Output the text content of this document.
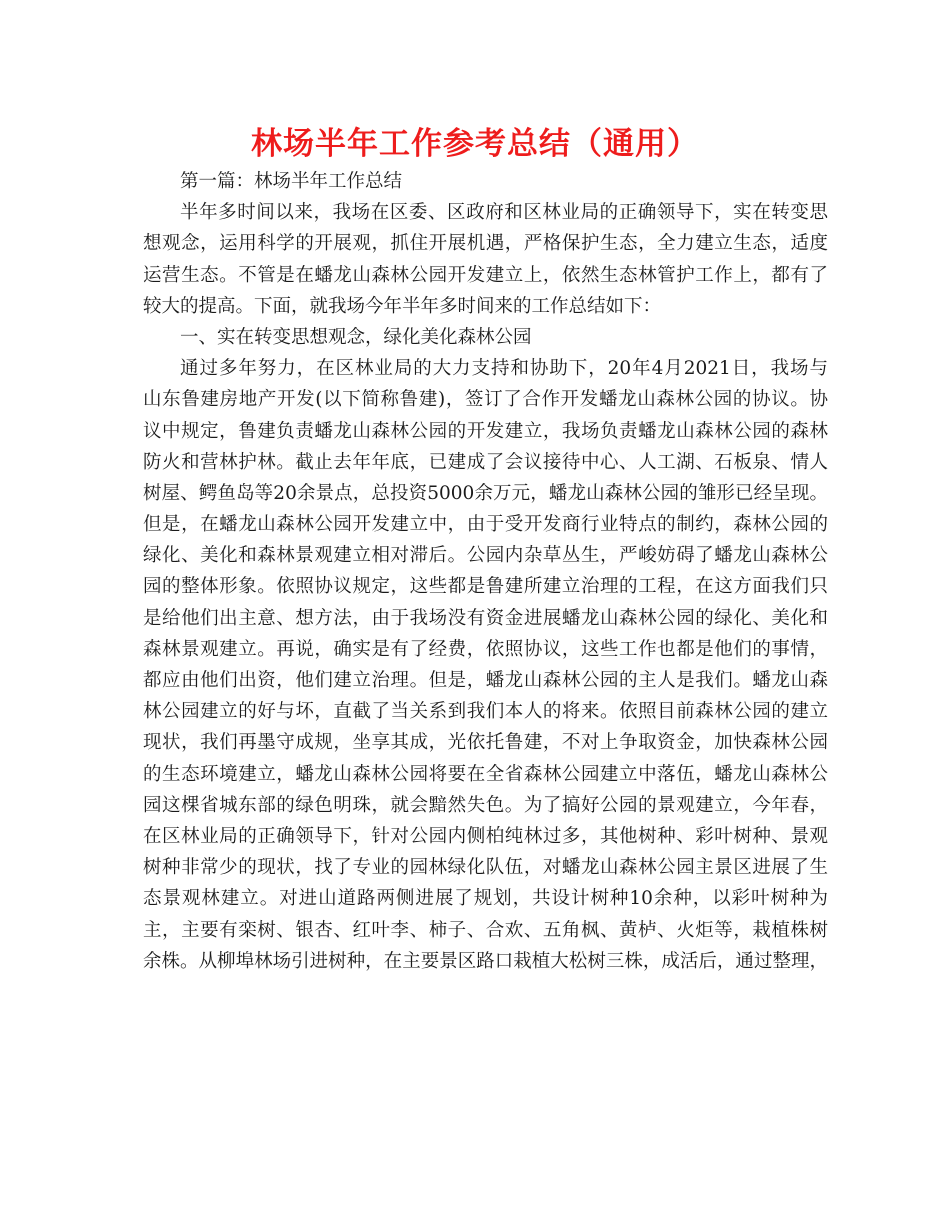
林场半年工作参考总结（通用）
第一篇：林场半年工作总结
半年多时间以来，我场在区委、区政府和区林业局的正确领导下，实在转变思
想观念，运用科学的开展观，抓住开展机遇，严格保护生态，全力建立生态，适度
运营生态。不管是在蟠龙山森林公园开发建立上，依然生态林管护工作上，都有了
较大的提高。下面，就我场今年半年多时间来的工作总结如下：
一、实在转变思想观念，绿化美化森林公园
通过多年努力，在区林业局的大力支持和协助下，20年4月2021日，我场与
山东鲁建房地产开发(以下简称鲁建)，签订了合作开发蟠龙山森林公园的协议。协
议中规定，鲁建负责蟠龙山森林公园的开发建立，我场负责蟠龙山森林公园的森林
防火和营林护林。截止去年年底，已建成了会议接待中心、人工湖、石板泉、情人
树屋、鳄鱼岛等20余景点，总投资5000余万元，蟠龙山森林公园的雏形已经呈现。
但是，在蟠龙山森林公园开发建立中，由于受开发商行业特点的制约，森林公园的
绿化、美化和森林景观建立相对滞后。公园内杂草丛生，严峻妨碍了蟠龙山森林公
园的整体形象。依照协议规定，这些都是鲁建所建立治理的工程，在这方面我们只
是给他们出主意、想方法，由于我场没有资金进展蟠龙山森林公园的绿化、美化和
森林景观建立。再说，确实是有了经费，依照协议，这些工作也都是他们的事情，
都应由他们出资，他们建立治理。但是，蟠龙山森林公园的主人是我们。蟠龙山森
林公园建立的好与坏，直截了当关系到我们本人的将来。依照目前森林公园的建立
现状，我们再墨守成规，坐享其成，光依托鲁建，不对上争取资金，加快森林公园
的生态环境建立，蟠龙山森林公园将要在全省森林公园建立中落伍，蟠龙山森林公
园这棵省城东部的绿色明珠，就会黯然失色。为了搞好公园的景观建立，今年春，
在区林业局的正确领导下，针对公园内侧柏纯林过多，其他树种、彩叶树种、景观
树种非常少的现状，找了专业的园林绿化队伍，对蟠龙山森林公园主景区进展了生
态景观林建立。对进山道路两侧进展了规划，共设计树种10余种，以彩叶树种为
主，主要有栾树、银杏、红叶李、柿子、合欢、五角枫、黄栌、火炬等，栽植株树
余株。从柳埠林场引进树种，在主要景区路口栽植大松树三株，成活后，通过整理，
